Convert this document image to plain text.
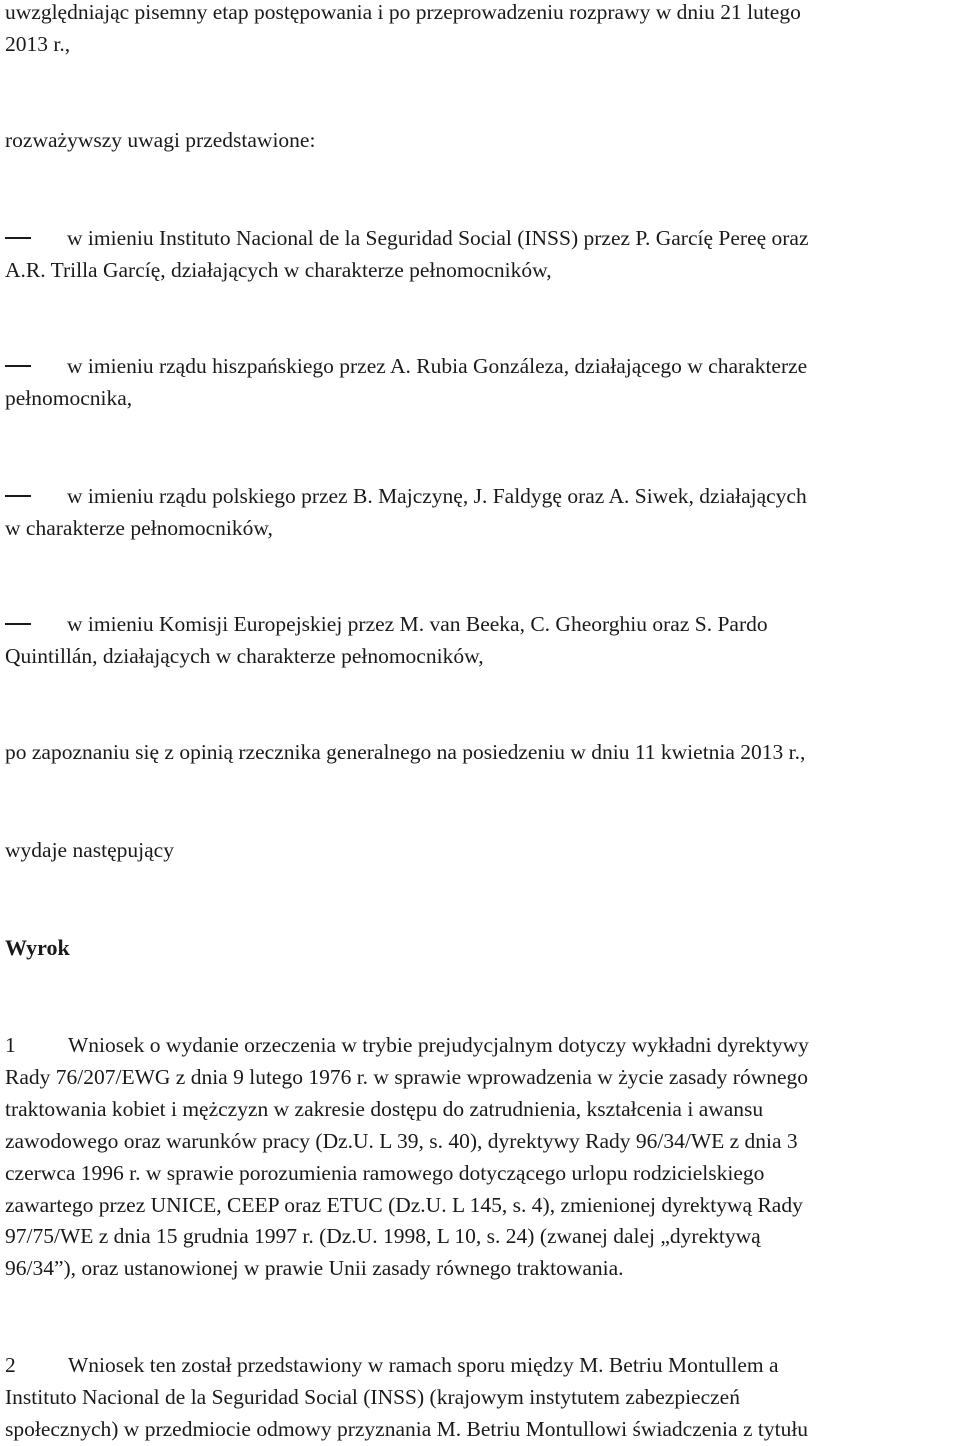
uwzględniając pisemny etap postępowania i po przeprowadzeniu rozprawy w dniu 21 lutego
2013 r.,
rozważywszy uwagi przedstawione:
w imieniu Instituto Nacional de la Seguridad Social (INSS) przez P. Garcíę Pereę oraz
A.R. Trilla Garcíę, działających w charakterze pełnomocników,
w imieniu rządu hiszpańskiego przez A. Rubia Gonzáleza, działającego w charakterze
pełnomocnika,
w imieniu rządu polskiego przez B. Majczynę, J. Faldygę oraz A. Siwek, działających
w charakterze pełnomocników,
w imieniu Komisji Europejskiej przez M. van Beeka, C. Gheorghiu oraz S. Pardo
Quintillán, działających w charakterze pełnomocników,
po zapoznaniu się z opinią rzecznika generalnego na posiedzeniu w dniu 11 kwietnia 2013 r.,
wydaje następujący
Wyrok
1 Wniosek o wydanie orzeczenia w trybie prejudycjalnym dotyczy wykładni dyrektywy
Rady 76/207/EWG z dnia 9 lutego 1976 r. w sprawie wprowadzenia w życie zasady równego
traktowania kobiet i mężczyzn w zakresie dostępu do zatrudnienia, kształcenia i awansu
zawodowego oraz warunków pracy (Dz.U. L 39, s. 40), dyrektywy Rady 96/34/WE z dnia 3
czerwca 1996 r. w sprawie porozumienia ramowego dotyczącego urlopu rodzicielskiego
zawartego przez UNICE, CEEP oraz ETUC (Dz.U. L 145, s. 4), zmienionej dyrektywą Rady
97/75/WE z dnia 15 grudnia 1997 r. (Dz.U. 1998, L 10, s. 24) (zwanej dalej „dyrektywą
96/34”), oraz ustanowionej w prawie Unii zasady równego traktowania.
2 Wniosek ten został przedstawiony w ramach sporu między M. Betriu Montullem a
Instituto Nacional de la Seguridad Social (INSS) (krajowym instytutem zabezpieczeń
społecznych) w przedmiocie odmowy przyznania M. Betriu Montullowi świadczenia z tytułu
